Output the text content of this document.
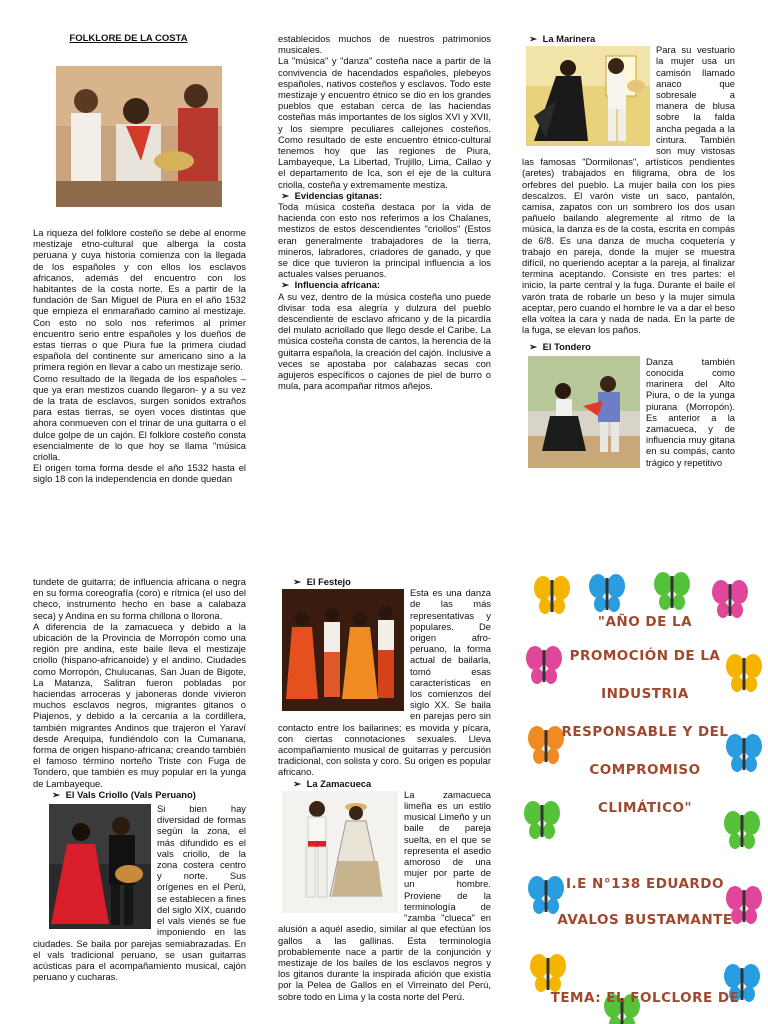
FOLKLORE DE LA COSTA

La riqueza del folklore costeño se debe al enorme mestizaje etno-cultural que alberga la costa peruana y cuya historia comienza con la llegada de los españoles y con ellos los esclavos africanos, además del encuentro con los habitantes de la costa norte. Es a partir de la fundación de San Miguel de Piura en el año 1532 que empieza el enmarañado camino al mestizaje. Con esto no solo nos referimos al primer encuentro serio entre españoles y los dueños de estas tierras o que Piura fue la primera ciudad española del continente sur americano sino a la primera región en llevar a cabo un mestizaje serio.

Como resultado de la llegada de los españoles – que ya eran mestizos cuando llegaron- y a su vez de la trata de esclavos, surgen sonidos extraños para estas tierras, se oyen voces distintas que ahora conmueven con el trinar de una guitarra o el dulce golpe de un cajón. El folklore costeño consta esencialmente de lo que hoy se llama "música criolla.

El origen toma forma desde el año 1532 hasta el siglo 18 con la independencia en donde quedan

establecidos muchos de nuestros patrimonios musicales.

La "música" y "danza" costeña nace a partir de la convivencia de hacendados españoles, plebeyos españoles, nativos costeños y esclavos. Todo este mestizaje y encuentro étnico se dio en los grandes pueblos que estaban cerca de las haciendas costeñas más importantes de los siglos XVI y XVII, y los siempre peculiares callejones costeños. Como resultado de este encuentro étnico-cultural tenemos hoy que las regiones de Piura, Lambayeque, La Libertad, Trujillo, Lima, Callao y el departamento de Ica, son el eje de la cultura criolla, costeña y extremamente mestiza.

➢ Evidencias gitanas:

Toda música costeña destaca por la vida de hacienda con esto nos referimos a los Chalanes, mestizos de estos descendientes "criollos" (Estos eran generalmente trabajadores de la tierra, mineros, labradores, criadores de ganado, y que se dice que tuvieron la principal influencia a los actuales valses peruanos.

➢ Influencia africana:

A su vez, dentro de la música costeña uno puede divisar toda esa alegría y dulzura del pueblo descendiente de esclavo africano y de la picardía del mulato acriollado que llego desde el Caribe. La música costeña consta de cantos, la herencia de la guitarra española, la creación del cajón. Inclusive a veces se apostaba por calabazas secas con agujeros específicos o cajones de piel de burro o mula, para acompañar ritmos añejos.

➢ La Marinera

Para su vestuario la mujer usa un camisón llamado anaco que sobresale a manera de blusa sobre la falda ancha pegada a la cintura. También son muy vistosas las famosas "Dormilonas", artísticos pendientes (aretes) trabajados en filigrama, obra de los orfebres del pueblo. La mujer baila con los pies descalzos. El varón viste un saco, pantalón, camisa, zapatos con un sombrero los dos usan pañuelo bailando alegremente al ritmo de la música, la danza es de la costa, escrita en compás de 6/8. Es una danza de mucha coquetería y trabajo en pareja, donde la mujer se muestra difícil, no queriendo aceptar a la pareja, al finalizar termina aceptando. Consiste en tres partes: el inicio, la parte central y la fuga. Durante el baile el varón trata de robarle un beso y la mujer simula aceptar, pero cuando el hombre le va a dar el beso ella voltea la cara y nada de nada. En la parte de la fuga, se elevan los paños.

➢ El Tondero

Danza también conocida como marinera del Alto Piura, o de la yunga piurana (Morropón). Es anterior a la zamacueca, y de influencia muy gitana en su compás, canto trágico y repetitivo

tundete de guitarra; de influencia africana o negra en su forma coreografía (coro) e rítmica (el uso del checo, instrumento hecho en base a calabaza seca) y Andina en su forma chillona o llorona.

A diferencia de la zamacueca y debido a la ubicación de la Provincia de Morropón como una región pre andina, este baile lleva el mestizaje criollo (hispano-africanoide) y el andino. Ciudades como Morropón, Chulucanas, San Juan de Bigote, La Matanza, Salitran fueron pobladas por haciendas arroceras y jaboneras donde vivieron muchos esclavos negros, migrantes gitanos o Piajenos, y debido a la cercanía a la cordillera, también migrantes Andinos que trajeron el Yaraví desde Arequipa, fundiéndolo con la Cumanana, forma de origen hispano-africana; creando también el famoso término norteño Triste con Fuga de Tondero, que también es muy popular en la yunga de Lambayeque.

➢ El Vals Criollo (Vals Peruano)

Si bien hay diversidad de formas según la zona, el más difundido es el vals criollo, de la zona costera centro y norte. Sus orígenes en el Perú, se establecen a fines del siglo XIX, cuando el vals vienés se fue imponiendo en las ciudades. Se baila por parejas semiabrazadas. En el vals tradicional peruano, se usan guitarras acústicas para el acompañamiento musical, cajón peruano y cucharas.

➢ El Festejo

Esta es una danza de las más representativas y populares. De origen afro-peruano, la forma actual de bailarla, tomó esas características en los comienzos del siglo XX. Se baila en parejas pero sin contacto entre los bailarines; es movida y pícara, con ciertas connotaciones sexuales. Lleva acompañamiento musical de guitarras y percusión tradicional, con solista y coro. Su origen es popular africano.

➢ La Zamacueca

La zamacueca limeña es un estilo musical Limeño y un baile de pareja suelta, en el que se representa el asedio amoroso de una mujer por parte de un hombre. Proviene de la terminología de "zamba "clueca" en alusión a aquél asedio, similar al que efectúan los gallos a las gallinas. Esta terminología probablemente nace a partir de la conjunción y mestizaje de los bailes de los esclavos negros y los gitanos durante la inspirada afición que existía por la Pelea de Gallos en el Virreinato del Perú, sobre todo en Lima y la costa norte del Perú.

"AÑO DE LA
PROMOCIÓN DE LA
INDUSTRIA
RESPONSABLE Y DEL
COMPROMISO
CLIMÁTICO"
I.E N°138 EDUARDO
AVALOS BUSTAMANTE
TEMA: EL FOLCLORE DE
